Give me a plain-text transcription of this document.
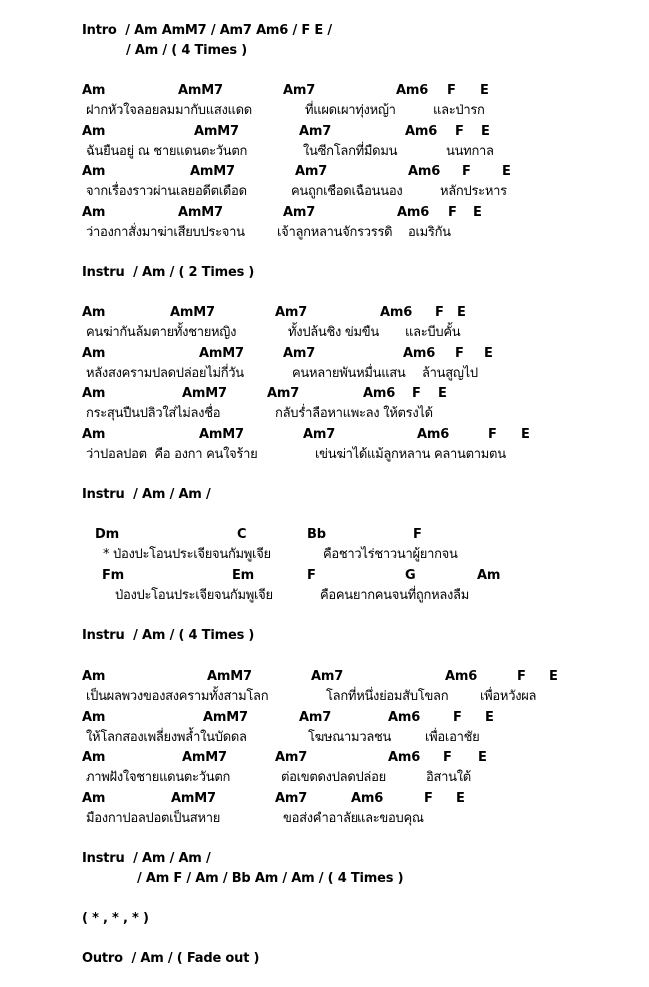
Intro  / Am AmM7 / Am7 Am6 / F E /
/ Am / ( 4 Times )
Am	AmM7	Am7	Am6 F E
ฝากหัวใจลอยลมมากับแสงแดด	ที่แผดเผาทุ่งหญ้า	และป่ารก
Am	AmM7	Am7	Am6 F E
ฉันยืนอยู่ ณ ชายแดนตะวันตก	ในซีกโลกที่มืดมน	นนทกาล
Am	AmM7	Am7	Am6 F E
จากเรื่องราวผ่านเลยอดีตเดือด	คนถูกเชือดเฉือนนอง	หลักประหาร
Am	AmM7	Am7	Am6 F E
ว่าองกาสั่งมาฆ่าเสียบประจาน เจ้าลูกหลานจักรวรรดิ อเมริกัน
Instru  / Am / ( 2 Times )
Am	AmM7	Am7	Am6 F E
คนฆ่ากันล้มตายทั้งชายหญิง	ทั้งปล้นชิง ข่มขืน และบีบคั้น
Am	AmM7	Am7	Am6 F E
หลังสงครามปลดปล่อยไม่กี่วัน	คนหลายพันหมื่นแสน ล้านสูญไป
Am	AmM7	Am7	Am6 F E
กระสุนปืนปลิวใส่ไม่ลงชื่อ	กลับร่ำลือหาแพะลง ให้ตรงได้
Am	AmM7	Am7	Am6	F E
ว่าปอลปอต  คือ องกา คนใจร้าย	เข่นฆ่าได้แม้ลูกหลาน คลานตามตน
Instru  / Am / Am /
Dm	C	Bb	F
* ป่องปะโอนประเจียจนกัมพูเจีย	คือชาวไร่ชาวนาผู้ยากจน
Fm	Em	F	G	Am
ป่องปะโอนประเจียจนกัมพูเจีย	คือคนยากคนจนที่ถูกหลงลืม
Instru  / Am / ( 4 Times )
Am	AmM7	Am7	Am6	F E
เป็นผลพวงของสงครามทั้งสามโลก	โลกที่หนึ่งย่อมสับโขลก เพื่อหวังผล
Am	AmM7	Am7	Am6	F E
ให้โลกสองเพลี่ยงพล้ำในบัดดล	โฆษณามวลชน	เพื่อเอาชัย
Am	AmM7	Am7	Am6 F E
ภาพฝังใจชายแดนตะวันตก	ต่อเขตดงปลดปล่อย	อิสานใต้
Am	AmM7	Am7	Am6	F E
มืองกาปอลปอตเป็นสหาย	ขอส่งคำอาลัย และขอบคุณ
Instru  / Am / Am /
/ Am F / Am / Bb Am / Am / ( 4 Times )
( * , * , * )
Outro  / Am / ( Fade out )
